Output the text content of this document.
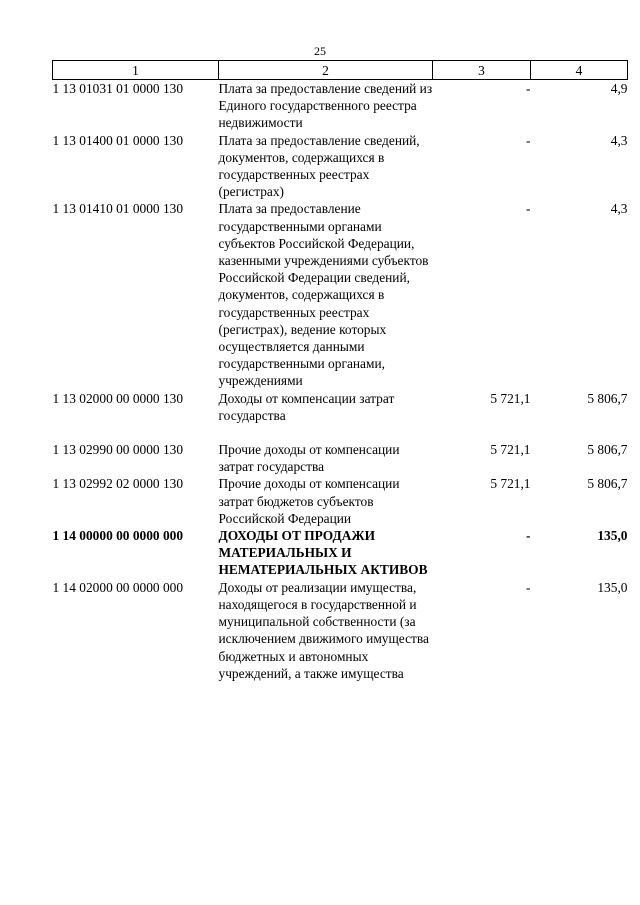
25
1	2	3	4
1 13 01031 01 0000 130	Плата за предоставление сведений из Единого государственного реестра недвижимости	-	4,9
1 13 01400 01 0000 130	Плата за предоставление сведений, документов, содержащихся в государственных реестрах (регистрах)	-	4,3
1 13 01410 01 0000 130	Плата за предоставление государственными органами субъектов Российской Федерации, казенными учреждениями субъектов Российской Федерации сведений, документов, содержащихся в государственных реестрах (регистрах), ведение которых осуществляется данными государственными органами, учреждениями	-	4,3
1 13 02000 00 0000 130	Доходы от компенсации затрат государства	5 721,1	5 806,7
1 13 02990 00 0000 130	Прочие доходы от компенсации затрат государства	5 721,1	5 806,7
1 13 02992 02 0000 130	Прочие доходы от компенсации затрат бюджетов субъектов Российской Федерации	5 721,1	5 806,7
1 14 00000 00 0000 000	ДОХОДЫ ОТ ПРОДАЖИ МАТЕРИАЛЬНЫХ И НЕМАТЕРИАЛЬНЫХ АКТИВОВ	-	135,0
1 14 02000 00 0000 000	Доходы от реализации имущества, находящегося в государственной и муниципальной собственности (за исключением движимого имущества бюджетных и автономных учреждений, а также имущества	-	135,0
